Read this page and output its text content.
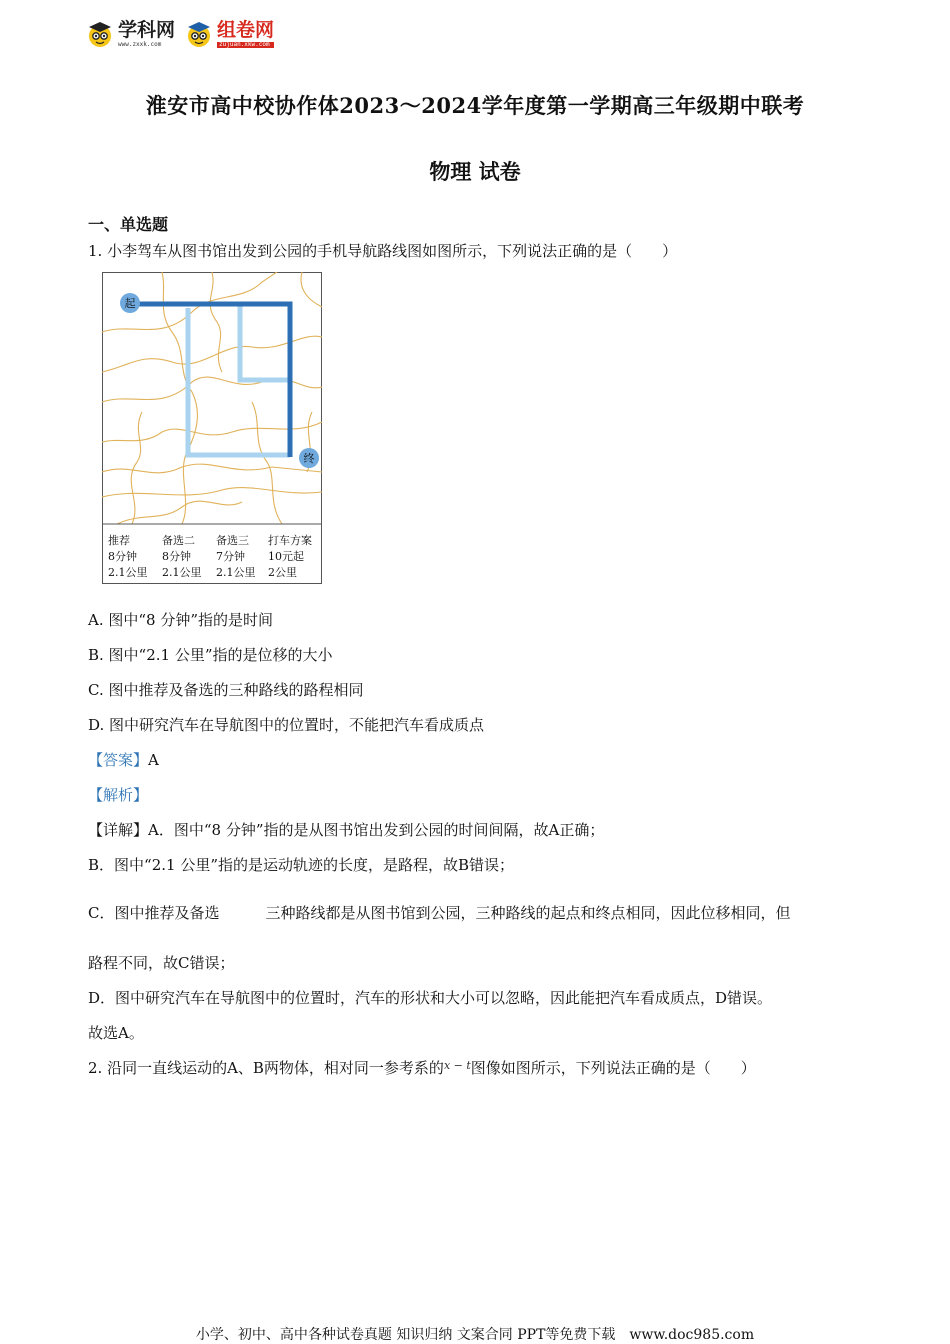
学科网
www.zxxk.com
组卷网
zujuan.xkw.com
淮安市高中校协作体2023～2024学年度第一学期高三年级期中联考
物理 试卷
一、单选题
1. 小李驾车从图书馆出发到公园的手机导航路线图如图所示，下列说法正确的是（　　）
起
终
推荐
8分钟
2.1公里
备选二
8分钟
2.1公里
备选三
7分钟
2.1公里
打车方案
10元起
2公里
A. 图中“8 分钟”指的是时间
B. 图中“2.1 公里”指的是位移的大小
C. 图中推荐及备选的三种路线的路程相同
D. 图中研究汽车在导航图中的位置时，不能把汽车看成质点
【答案】A
【解析】
【详解】A．图中“8 分钟”指的是从图书馆出发到公园的时间间隔，故A正确；
B．图中“2.1 公里”指的是运动轨迹的长度，是路程，故B错误；
C．图中推荐及备选	三种路线都是从图书馆到公园，三种路线的起点和终点相同，因此位移相同，但
路程不同，故C错误；
D．图中研究汽车在导航图中的位置时，汽车的形状和大小可以忽略，因此能把汽车看成质点，D错误。
故选A。
2. 沿同一直线运动的A、B两物体，相对同一参考系的$^{x - t}$图像如图所示，下列说法正确的是（　　）
小学、初中、高中各种试卷真题 知识归纳 文案合同 PPT等免费下载　www.doc985.com
